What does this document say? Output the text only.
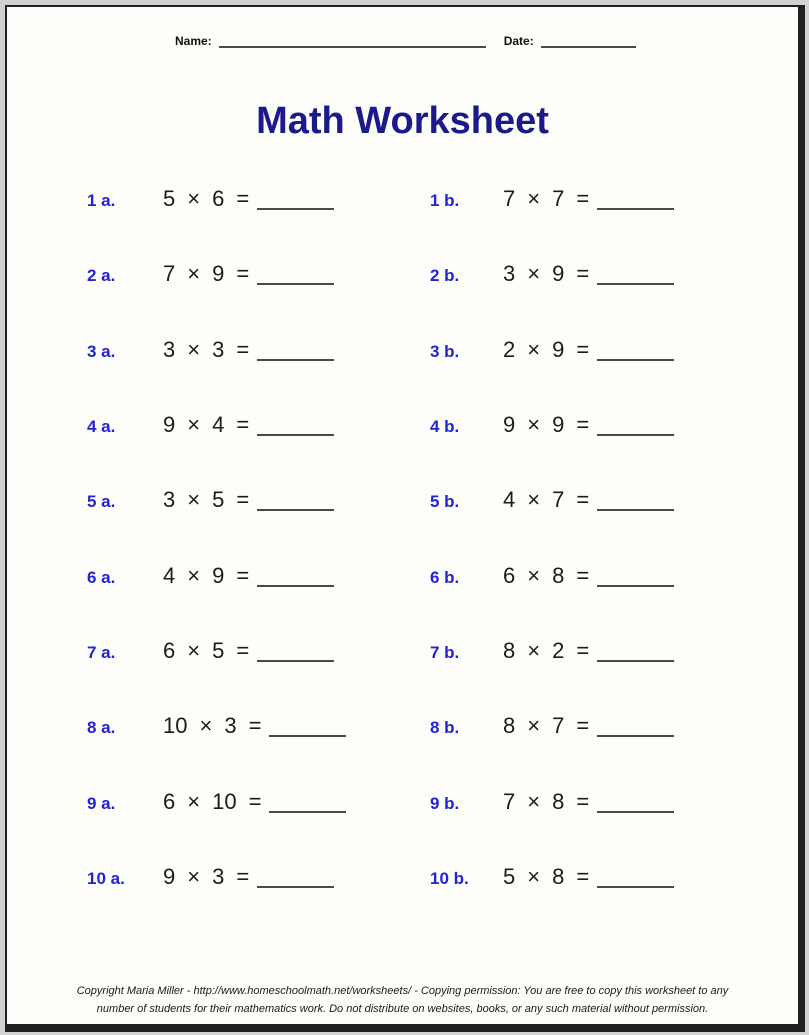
Name:	Date:
Math Worksheet
1 a.	5 × 6 =	1 b.	7 × 7 =
2 a.	7 × 9 =	2 b.	3 × 9 =
3 a.	3 × 3 =	3 b.	2 × 9 =
4 a.	9 × 4 =	4 b.	9 × 9 =
5 a.	3 × 5 =	5 b.	4 × 7 =
6 a.	4 × 9 =	6 b.	6 × 8 =
7 a.	6 × 5 =	7 b.	8 × 2 =
8 a.	10 × 3 =	8 b.	8 × 7 =
9 a.	6 × 10 =	9 b.	7 × 8 =
10 a.	9 × 3 =	10 b.	5 × 8 =
Copyright Maria Miller - http://www.homeschoolmath.net/worksheets/ - Copying permission: You are free to copy this worksheet to any
number of students for their mathematics work. Do not distribute on websites, books, or any such material without permission.
